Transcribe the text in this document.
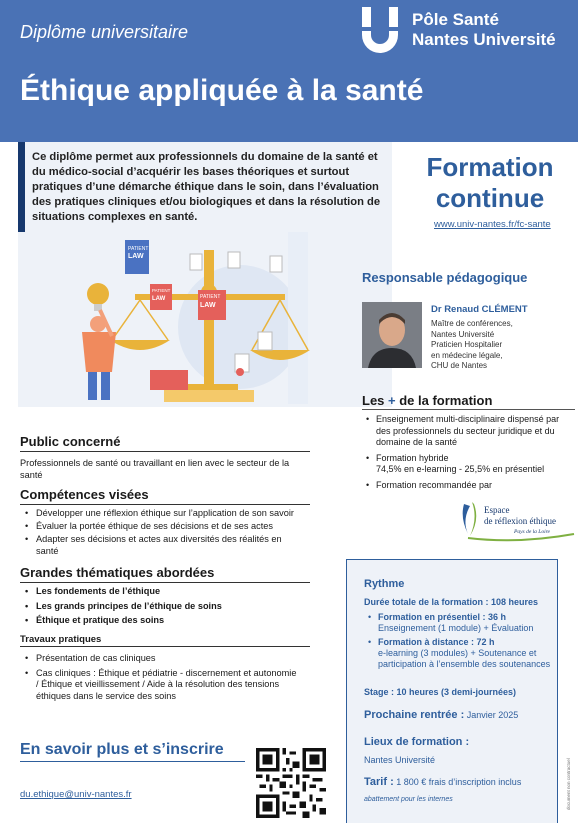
Diplôme universitaire
Éthique appliquée à la santé
Pôle Santé
Nantes Université
Ce diplôme permet aux professionnels du domaine de la santé et du médico-social d’acquérir les bases théoriques et surtout pratiques d’une démarche éthique dans le soin, dans l’évaluation des pratiques cliniques et/ou biologiques et dans la résolution de situations complexes en santé.
PATIENT
LAW
PATIENT
LAW	PATIENT
LAW
Formation
continue
www.univ-nantes.fr/fc-sante
Responsable pédagogique
Dr Renaud CLÉMENT
Maître de conférences,
Nantes Université
Praticien Hospitalier
en médecine légale,
CHU de Nantes
Les + de la formation
• Enseignement multi-disciplinaire dispensé par des professionnels du secteur juridique et du domaine de la santé
• Formation hybride
74,5% en e-learning - 25,5% en présentiel
• Formation recommandée par
Espace
de réflexion éthique
Pays de la Loire
Public concerné
Professionnels de santé ou travaillant en lien avec le secteur de la santé
Compétences visées
• Développer une réflexion éthique sur l’application de son savoir
• Évaluer la portée éthique de ses décisions et de ses actes
• Adapter ses décisions et actes aux diversités des réalités en santé
Grandes thématiques abordées
• Les fondements de l’éthique
• Les grands principes de l’éthique de soins
• Éthique et pratique des soins
Travaux pratiques
• Présentation de cas cliniques
• Cas cliniques : Éthique et pédiatrie - discernement et autonomie / Éthique et vieillissement / Aide à la résolution des tensions éthiques dans le service des soins
En savoir plus et s’inscrire
du.ethique@univ-nantes.fr
Rythme
Durée totale de la formation : 108 heures
• Formation en présentiel : 36 h
Enseignement (1 module) + Évaluation
• Formation à distance : 72 h
e-learning (3 modules) + Soutenance et participation à l’ensemble des soutenances
Stage : 10 heures (3 demi-journées)
Prochaine rentrée : Janvier 2025
Lieux de formation :
Nantes Université
Tarif : 1 800 € frais d’inscription inclus
abattement pour les internes	document non contractuel
